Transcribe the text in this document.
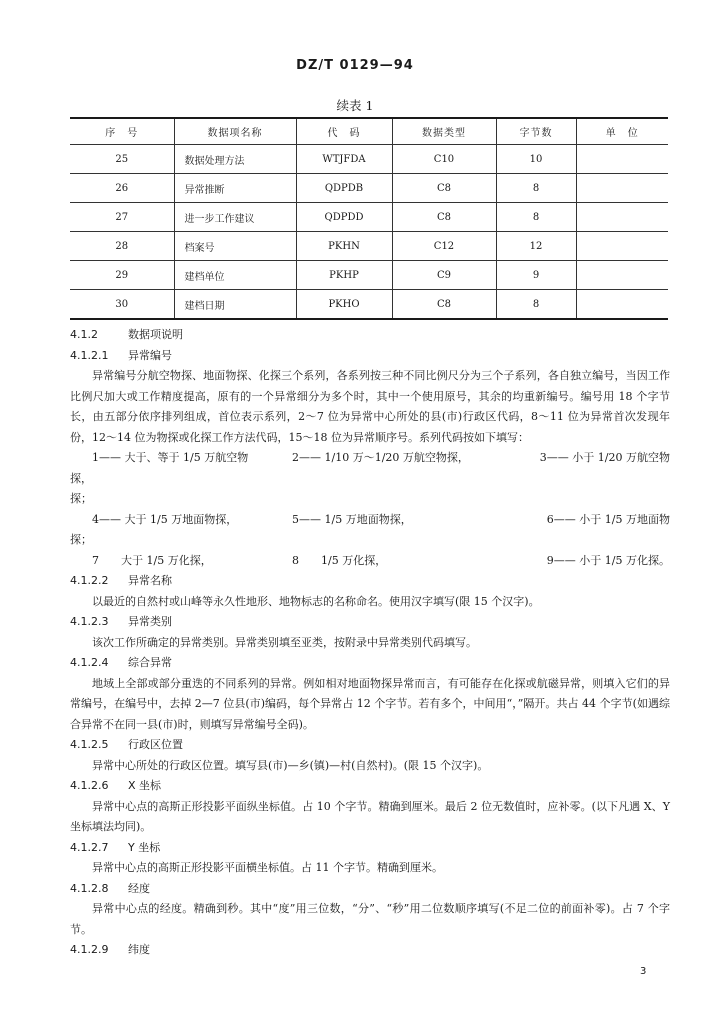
DZ/T 0129—94
续表 1
序　号	数据项名称	代　码	数据类型	字节数	单　位
25	数据处理方法	WTJFDA	C10	10	
26	异常推断	QDPDB	C8	8	
27	进一步工作建议	QDPDD	C8	8	
28	档案号	PKHN	C12	12	
29	建档单位	PKHP	C9	9	
30	建档日期	PKHO	C8	8	

4.1.2	数据项说明

4.1.2.1 异常编号

异常编号分航空物探、地面物探、化探三个系列，各系列按三种不同比例尺分为三个子系列，各自独立编号，当因工作比例尺加大或工作精度提高，原有的一个异常细分为多个时，其中一个使用原号，其余的均重新编号。编号用 18 个字节长，由五部分依序排列组成，首位表示系列，2～7 位为异常中心所处的县(市)行政区代码，8～11 位为异常首次发现年份，12～14 位为物探或化探工作方法代码，15～18 位为异常顺序号。系列代码按如下填写：

1—— 大于、等于 1/5 万航空物探，
2—— 1/10 万～1/20 万航空物探，	3—— 小于 1/20 万航空物

探；

4—— 大于 1/5 万地面物探，	5—— 1/5 万地面物探，	6—— 小于 1/5 万地面物

探；

7　　大于 1/5 万化探，	8　　1/5 万化探，	9—— 小于 1/5 万化探。

4.1.2.2 异常名称

以最近的自然村或山峰等永久性地形、地物标志的名称命名。使用汉字填写(限 15 个汉字)。

4.1.2.3 异常类别

该次工作所确定的异常类别。异常类别填至亚类，按附录中异常类别代码填写。

4.1.2.4 综合异常

地域上全部或部分重迭的不同系列的异常。例如相对地面物探异常而言，有可能存在化探或航磁异常，则填入它们的异常编号，在编号中，去掉 2—7 位县(市)编码，每个异常占 12 个字节。若有多个，中间用“，”隔开。共占 44 个字节(如遇综合异常不在同一县(市)时，则填写异常编号全码)。

4.1.2.5 行政区位置

异常中心所处的行政区位置。填写县(市)—乡(镇)—村(自然村)。(限 15 个汉字)。

4.1.2.6 X 坐标

异常中心点的高斯正形投影平面纵坐标值。占 10 个字节。精确到厘米。最后 2 位无数值时，应补零。(以下凡遇 X、Y 坐标填法均同)。

4.1.2.7 Y 坐标

异常中心点的高斯正形投影平面横坐标值。占 11 个字节。精确到厘米。

4.1.2.8 经度

异常中心点的经度。精确到秒。其中“度”用三位数，“分”、“秒”用二位数顺序填写(不足二位的前面补零)。占 7 个字节。

4.1.2.9 纬度

3
